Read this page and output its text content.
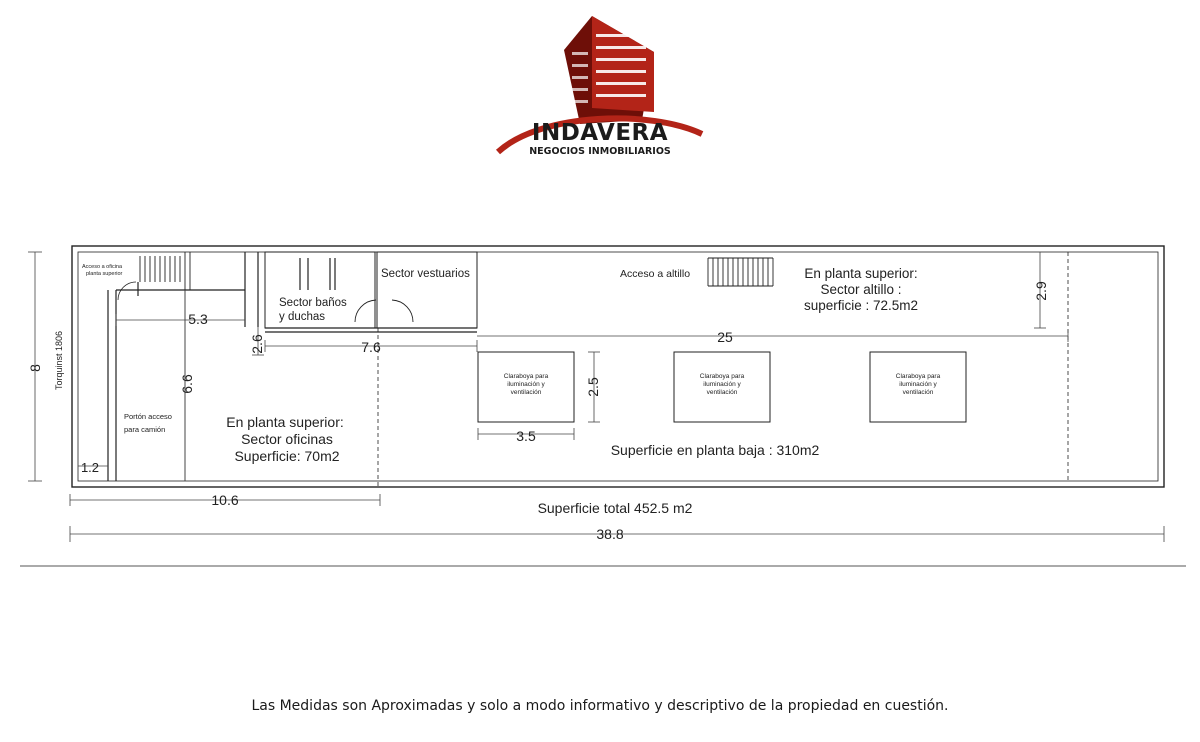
INDAVERA
NEGOCIOS INMOBILIARIOS
Acceso a oficina
planta superior
Torquinst 1806
Sector baños
y duchas
Sector vestuarios	Acceso a altillo	En planta superior:
Sector altillo :
superficie : 72.5m2
Portón acceso
para camión	En planta superior:
Sector oficinas
Superficie: 70m2
Claraboya para
iluminación y
ventilación
Claraboya para
iluminación y
ventilación
Claraboya para
iluminación y
ventilación
Superficie en planta baja : 310m2
Superficie total 452.5 m2
38.8
10.6
8
6.6
5.3
2.6	7.6
25
2.9
2.5
3.5
1.2
Las Medidas son Aproximadas y solo a modo informativo y descriptivo de la propiedad en cuestión.
